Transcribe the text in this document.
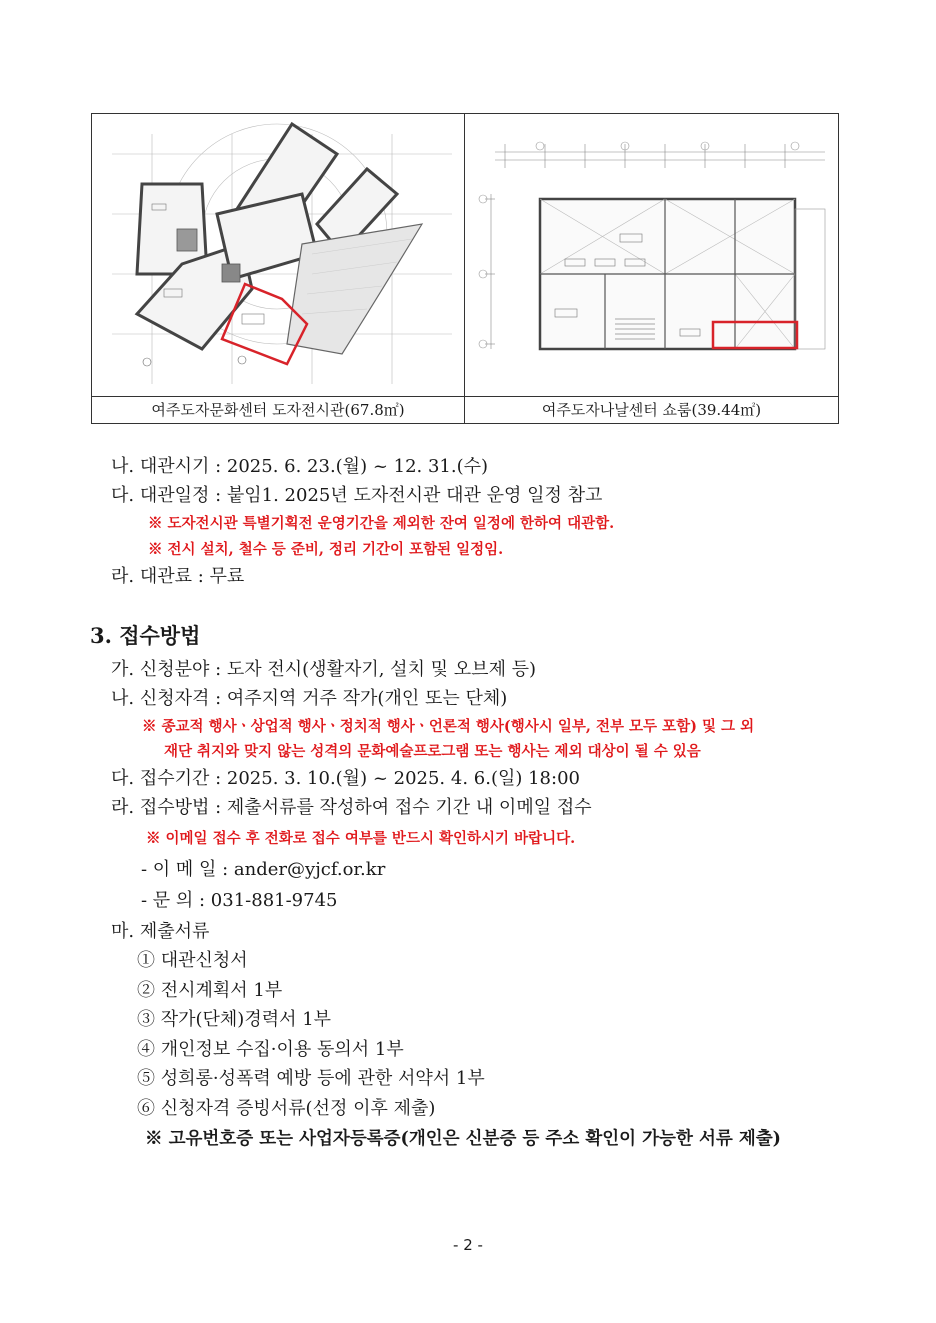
여주도자문화센터 도자전시관(67.8㎡)	여주도자나날센터 쇼룸(39.44㎡)
나. 대관시기 : 2025. 6. 23.(월) ~ 12. 31.(수)
다. 대관일정 : 붙임1. 2025년 도자전시관 대관 운영 일정 참고
※ 도자전시관 특별기획전 운영기간을 제외한 잔여 일정에 한하여 대관함.
※ 전시 설치, 철수 등 준비, 정리 기간이 포함된 일정임.
라. 대관료 : 무료
3. 접수방법
가. 신청분야 : 도자 전시(생활자기, 설치 및 오브제 등)
나. 신청자격 : 여주지역 거주 작가(개인 또는 단체)
※ 종교적 행사ㆍ상업적 행사ㆍ정치적 행사ㆍ언론적 행사(행사시 일부, 전부 모두 포함) 및 그 외
재단 취지와 맞지 않는 성격의 문화예술프로그램 또는 행사는 제외 대상이 될 수 있음
다. 접수기간 : 2025. 3. 10.(월) ~ 2025. 4. 6.(일) 18:00
라. 접수방법 : 제출서류를 작성하여 접수 기간 내 이메일 접수
※ 이메일 접수 후 전화로 접수 여부를 반드시 확인하시기 바랍니다.
- 이 메 일 : ander@yjcf.or.kr
- 문 의 : 031-881-9745
마. 제출서류
① 대관신청서
② 전시계획서 1부
③ 작가(단체)경력서 1부
④ 개인정보 수집·이용 동의서 1부
⑤ 성희롱·성폭력 예방 등에 관한 서약서 1부
⑥ 신청자격 증빙서류(선정 이후 제출)
※ 고유번호증 또는 사업자등록증(개인은 신분증 등 주소 확인이 가능한 서류 제출)
- 2 -
